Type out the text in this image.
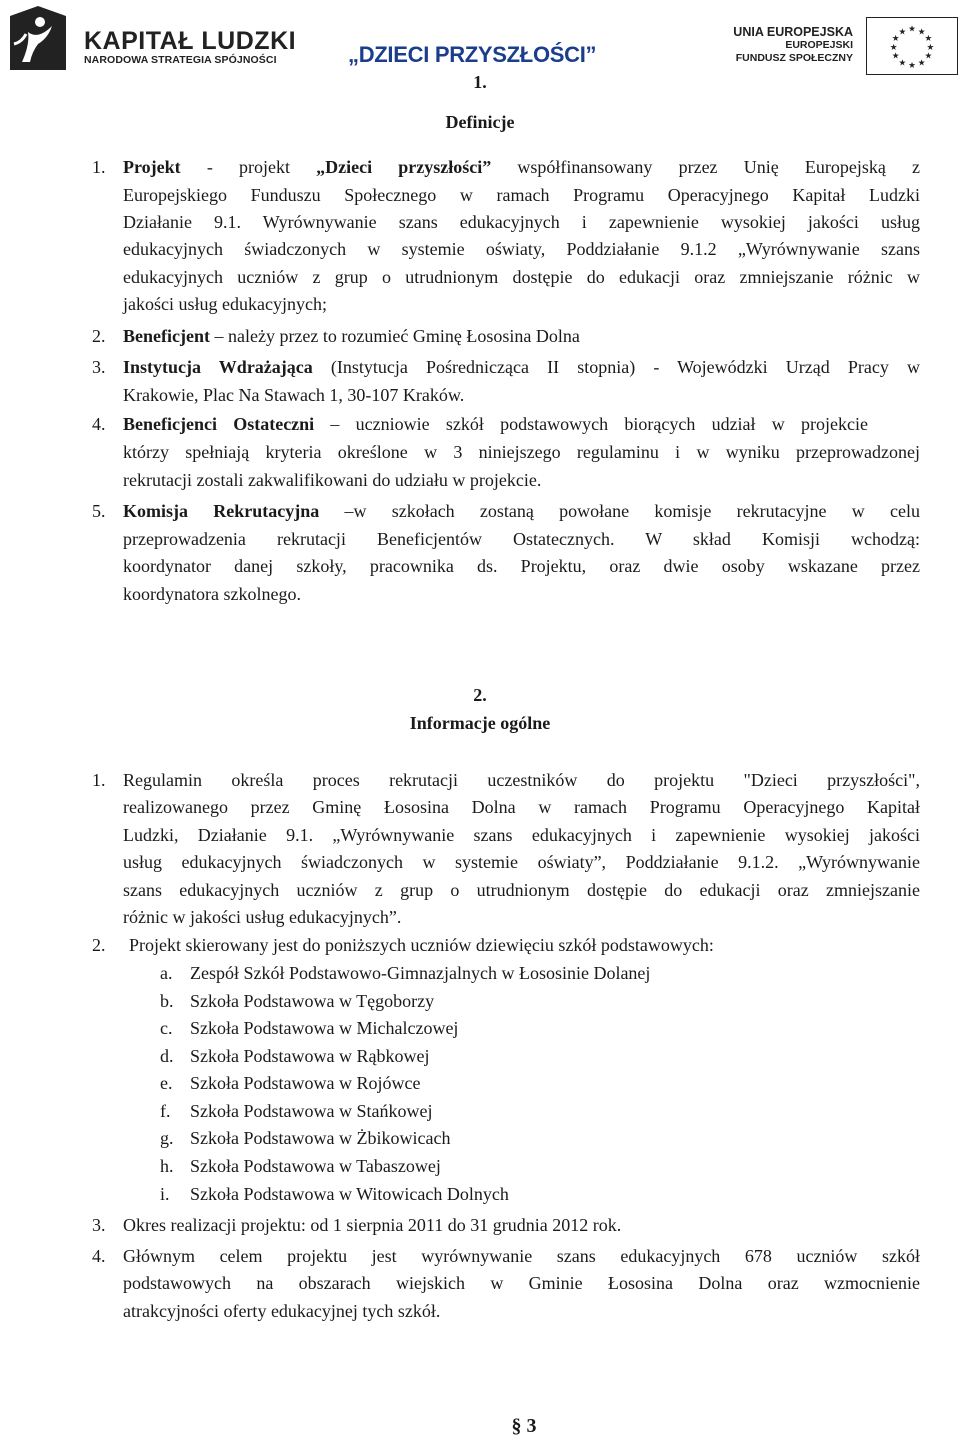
KAPITAŁ LUDZKI
NARODOWA STRATEGIA SPÓJNOŚCI	„DZIECI PRZYSZŁOŚCI”
UNIA EUROPEJSKA
EUROPEJSKI
FUNDUSZ SPOŁECZNY
★ ★
★
★
★
★
★
★
★
★
★
★
1.
Definicje
1. Projekt - projekt „Dzieci przyszłości” współfinansowany przez Unię Europejską z

Europejskiego Funduszu Społecznego w ramach Programu Operacyjnego Kapitał Ludzki

Działanie 9.1. Wyrównywanie szans edukacyjnych i zapewnienie wysokiej jakości usług

edukacyjnych świadczonych w systemie oświaty, Poddziałanie 9.1.2 „Wyrównywanie szans

edukacyjnych uczniów z grup o utrudnionym dostępie do edukacji oraz zmniejszanie różnic w

jakości usług edukacyjnych;

2. Beneficjent – należy przez to rozumieć Gminę Łososina Dolna

3. Instytucja Wdrażająca (Instytucja Pośrednicząca II stopnia) - Wojewódzki Urząd Pracy w

Krakowie, Plac Na Stawach 1, 30-107 Kraków.

4. Beneficjenci Ostateczni – uczniowie szkół podstawowych biorących udział w projekcie

którzy spełniają kryteria określone w 3 niniejszego regulaminu i w wyniku przeprowadzonej

rekrutacji zostali zakwalifikowani do udziału w projekcie.

5. Komisja Rekrutacyjna –w szkołach zostaną powołane komisje rekrutacyjne w celu

przeprowadzenia rekrutacji Beneficjentów Ostatecznych. W skład Komisji wchodzą:

koordynator danej szkoły, pracownika ds. Projektu, oraz dwie osoby wskazane przez

koordynatora szkolnego.

2.
Informacje ogólne
1. Regulamin określa proces rekrutacji uczestników do projektu "Dzieci przyszłości",

realizowanego przez Gminę Łososina Dolna w ramach Programu Operacyjnego Kapitał

Ludzki, Działanie 9.1. „Wyrównywanie szans edukacyjnych i zapewnienie wysokiej jakości

usług edukacyjnych świadczonych w systemie oświaty”, Poddziałanie 9.1.2. „Wyrównywanie

szans edukacyjnych uczniów z grup o utrudnionym dostępie do edukacji oraz zmniejszanie

różnic w jakości usług edukacyjnych”.

2. Projekt skierowany jest do poniższych uczniów dziewięciu szkół podstawowych:

a. Zespół Szkół Podstawowo-Gimnazjalnych w Łososinie Dolanej

b. Szkoła Podstawowa w Tęgoborzy

c. Szkoła Podstawowa w Michalczowej

d. Szkoła Podstawowa w Rąbkowej

e. Szkoła Podstawowa w Rojówce

f. Szkoła Podstawowa w Stańkowej

g. Szkoła Podstawowa w Żbikowicach

h. Szkoła Podstawowa w Tabaszowej

i. Szkoła Podstawowa w Witowicach Dolnych

3. Okres realizacji projektu: od 1 sierpnia 2011 do 31 grudnia 2012 rok.

4. Głównym celem projektu jest wyrównywanie szans edukacyjnych 678 uczniów szkół

podstawowych na obszarach wiejskich w Gminie Łososina Dolna oraz wzmocnienie

atrakcyjności oferty edukacyjnej tych szkół.

§ 3
